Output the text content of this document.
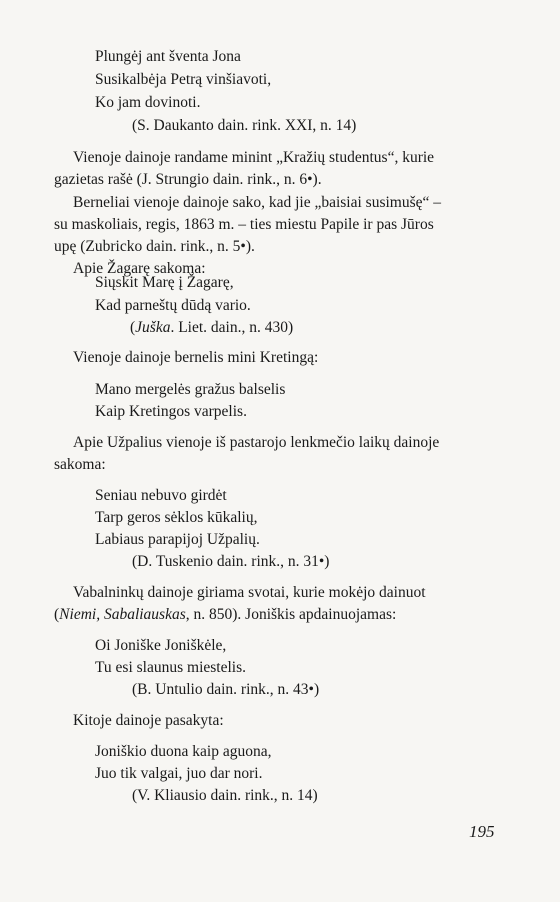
Plungėj ant šventa Jona
Susikalbėja Petrą vinšiavoti,
Ko jam dovinoti.
(S. Daukanto dain. rink. XXI, n. 14)
Vienoje dainoje randame minint „Kražių studentus“, kurie
gazietas rašė (J. Strungio dain. rink., n. 6•).
Berneliai vienoje dainoje sako, kad jie „baisiai susimušę“ –
su maskoliais, regis, 1863 m. – ties miestu Papile ir pas Jūros
upę (Zubricko dain. rink., n. 5•).
Apie Žagarę sakoma:
Siųskit Marę į Žagarę,
Kad parneštų dūdą vario.
(Juška. Liet. dain., n. 430)
Vienoje dainoje bernelis mini Kretingą:
Mano mergelės gražus balselis
Kaip Kretingos varpelis.
Apie Užpalius vienoje iš pastarojo lenkmečio laikų dainoje
sakoma:
Seniau nebuvo girdėt
Tarp geros sėklos kūkalių,
Labiaus parapijoj Užpalių.
(D. Tuskenio dain. rink., n. 31•)
Vabalninkų dainoje giriama svotai, kurie mokėjo dainuot
(Niemi, Sabaliauskas, n. 850). Joniškis apdainuojamas:
Oi Joniške Joniškėle,
Tu esi slaunus miestelis.
(B. Untulio dain. rink., n. 43•)
Kitoje dainoje pasakyta:
Joniškio duona kaip aguona,
Juo tik valgai, juo dar nori.
(V. Kliausio dain. rink., n. 14)
195
